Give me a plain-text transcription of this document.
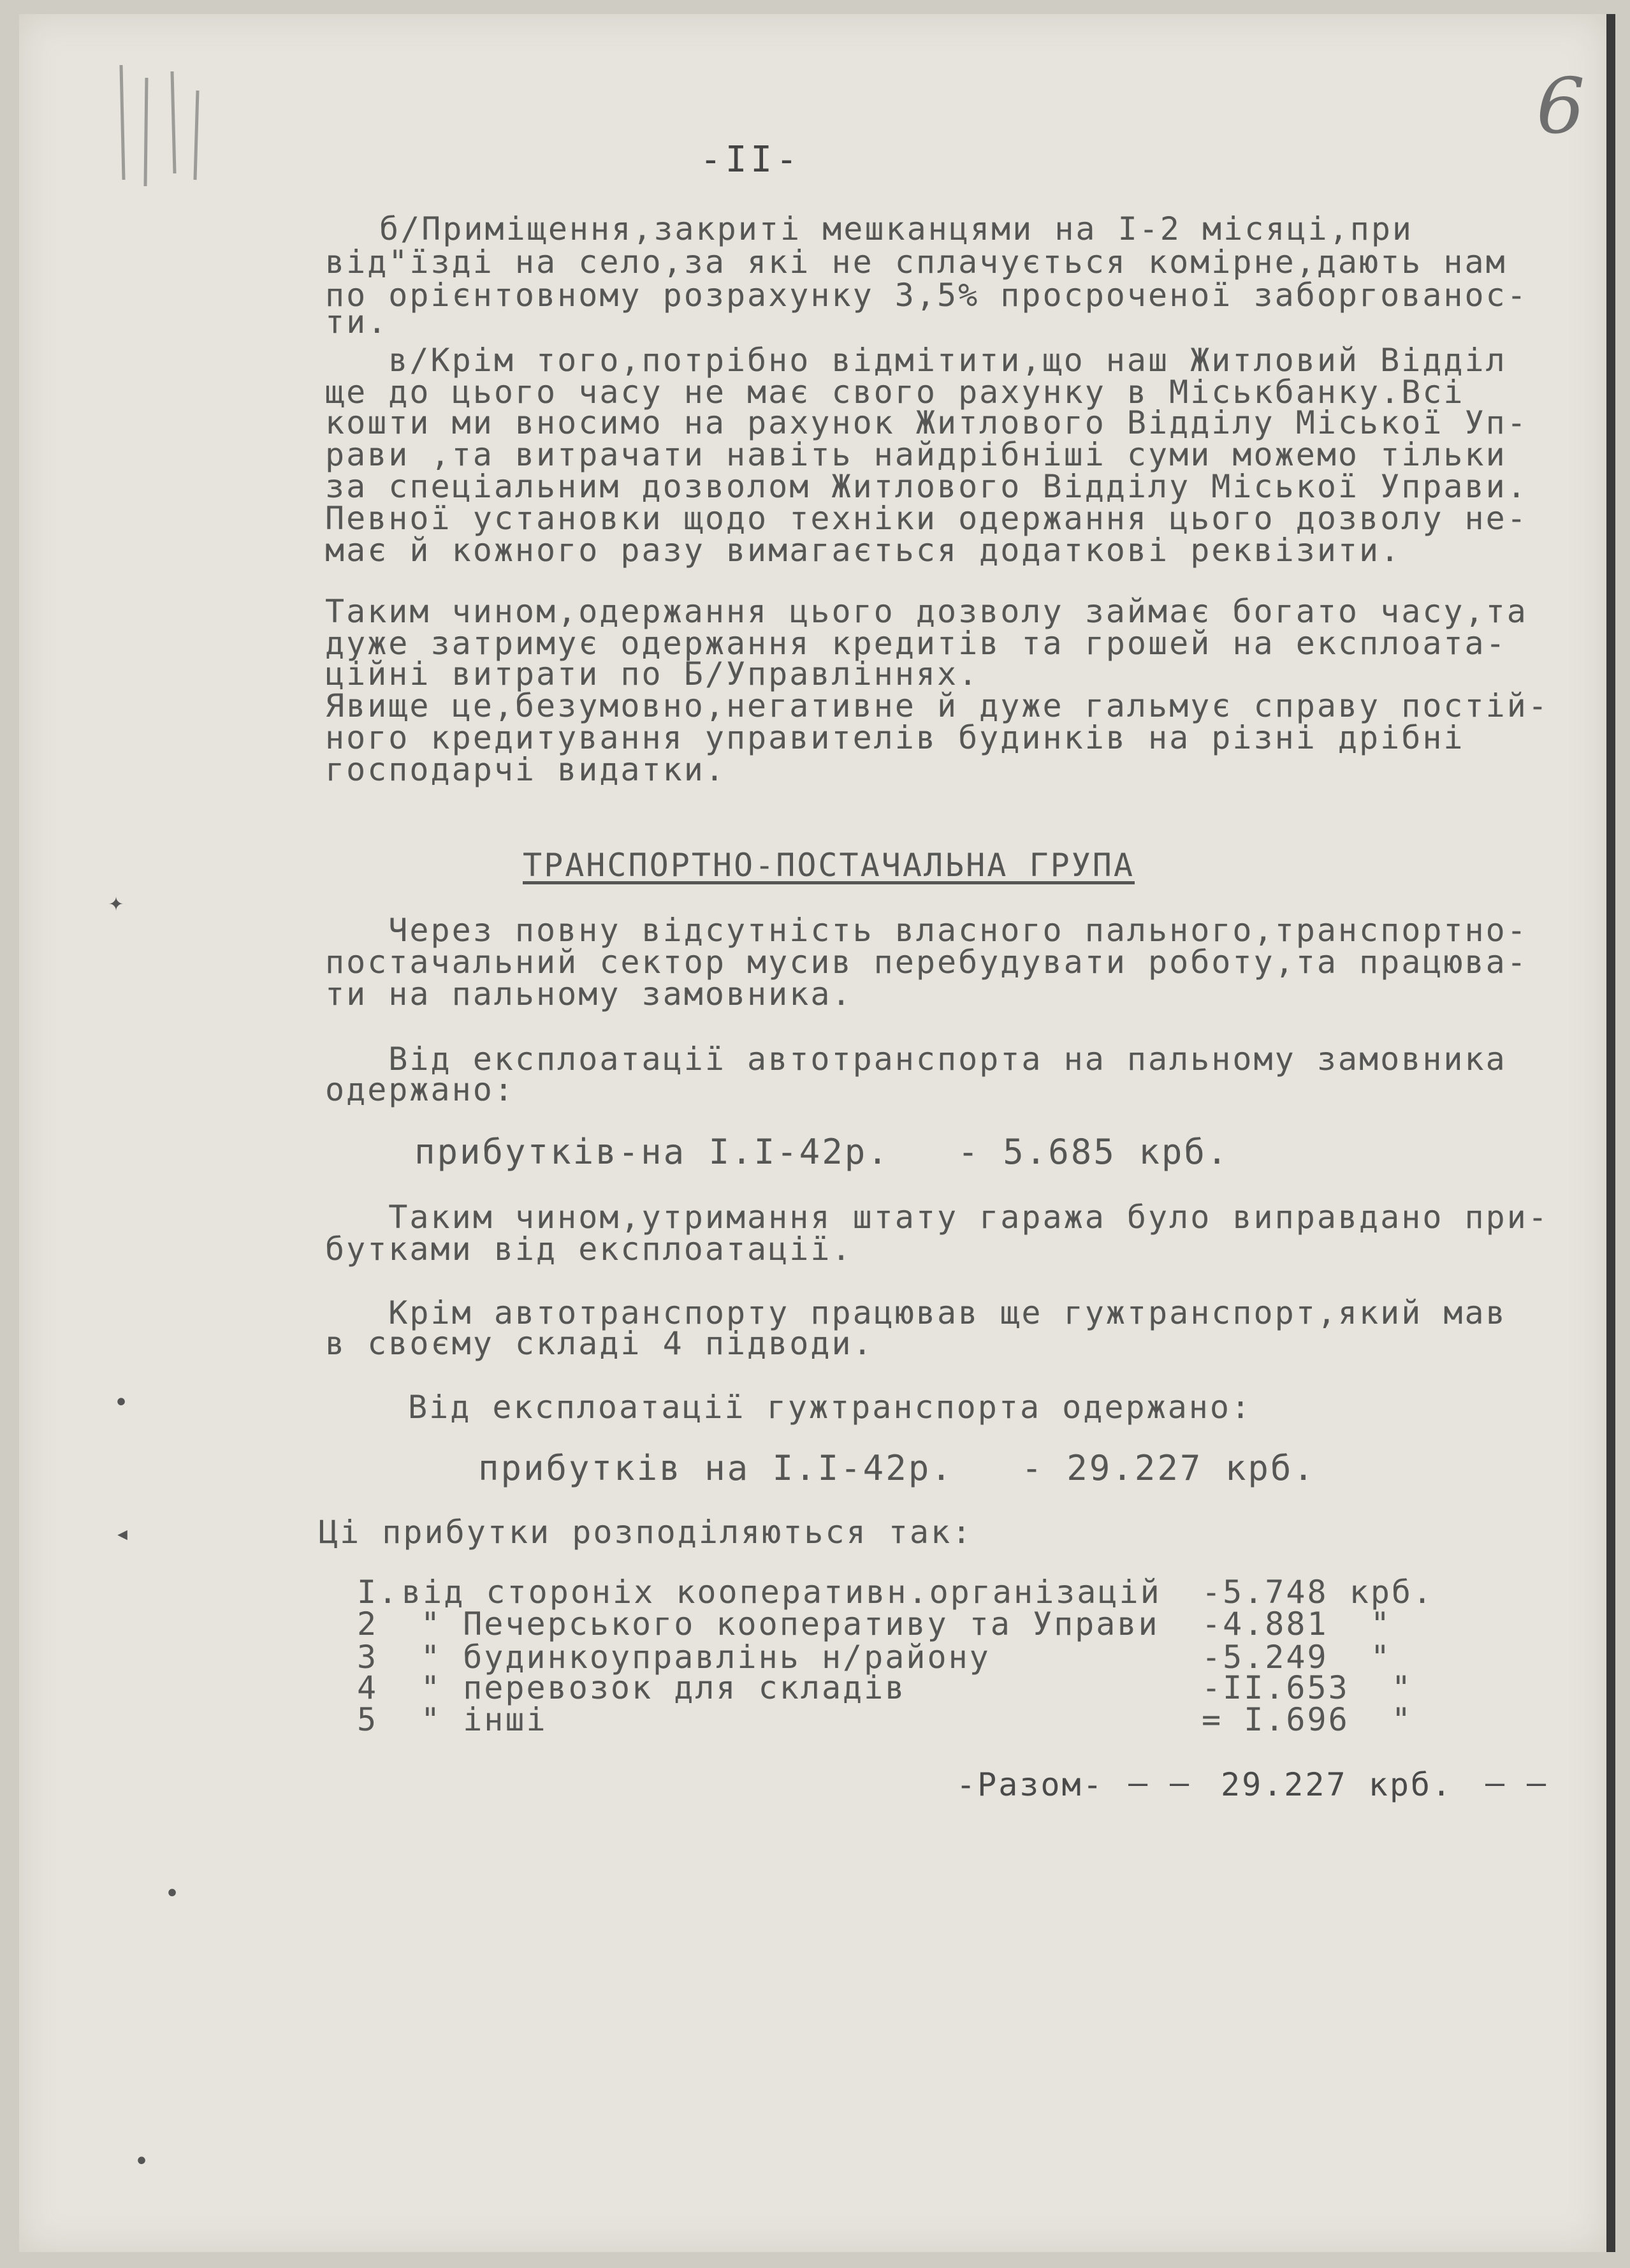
6
-II-
б/Приміщення,закриті мешканцями на I-2 місяці,при
від"їзді на село,за які не сплачується комірне,дають нам
по орієнтовному розрахунку 3,5% просроченої заборгованос-
ти.
в/Крім того,потрібно відмітити,що наш Житловий Відділ
ще до цього часу не має свого рахунку в Міськбанку.Всі
кошти ми вносимо на рахунок Житлового Відділу Міської Уп-
рави ,та витрачати навіть найдрібніші суми можемо тільки
за спеціальним дозволом Житлового Відділу Міської Управи.
Певної установки щодо техніки одержання цього дозволу не-
має й кожного разу вимагається додаткові реквізити.
Таким чином,одержання цього дозволу займає богато часу,та
дуже затримує одержання кредитів та грошей на експлоата-
ційні витрати по Б/Управліннях.
Явище це,безумовно,негативне й дуже гальмує справу постій-
ного кредитування управителів будинків на різні дрібні
господарчі видатки.
ТРАНСПОРТНО-ПОСТАЧАЛЬНА ГРУПА
Через повну відсутність власного пального,транспортно-
постачальний сектор мусив перебудувати роботу,та працюва-
ти на пальному замовника.
Від експлоатації автотранспорта на пальному замовника
одержано:
прибутків-на I.I-42р.   - 5.685 крб.
Таким чином,утримання штату гаража було виправдано при-
бутками від експлоатації.
Крім автотранспорту працював ще гужтранспорт,який мав
в своєму складі 4 підводи.
Від експлоатації гужтранспорта одержано:
прибутків на I.I-42р.   - 29.227 крб.
Ці прибутки розподіляються так:
I. від стороніх кооперативн.організацій -5.748 крб.
2 " Печерського кооперативу та Управи -4.881  "
3 " будинкоуправлінь н/району	-5.249  "
4 " перевозок для складів	-II.653  "
5 " інші	= I.696  "
-Разом- – – 29.227 крб. – –
✦
•
◂
•
•
